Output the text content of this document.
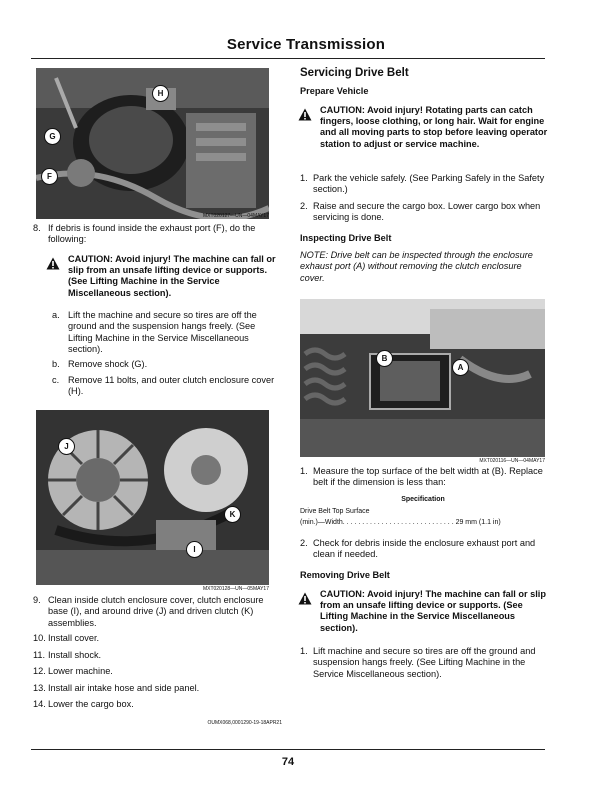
Service Transmission
H
G
F
MXT020127—UN—04MAY17
8. If debris is found inside the exhaust port (F), do the following:
CAUTION: Avoid injury! The machine can fall or slip from an unsafe lifting device or supports. (See Lifting Machine in the Service Miscellaneous section).
a. Lift the machine and secure so tires are off the ground and the suspension hangs freely. (See Lifting Machine in the Service Miscellaneous section).
b. Remove shock (G).
c. Remove 11 bolts, and outer clutch enclosure cover (H).
J
K
I
MXT020128—UN—05MAY17
9. Clean inside clutch enclosure cover, clutch enclosure base (I), and around drive (J) and driven clutch (K) assemblies.
10. Install cover.
11. Install shock.
12. Lower machine.
13. Install air intake hose and side panel.
14. Lower the cargo box.
OUMX068,0001290-19-18APR21
Servicing Drive Belt
Prepare Vehicle
CAUTION: Avoid injury! Rotating parts can catch fingers, loose clothing, or long hair. Wait for engine and all moving parts to stop before leaving operator station to adjust or service machine.
1. Park the vehicle safely. (See Parking Safely in the Safety section.)
2. Raise and secure the cargo box. Lower cargo box when servicing is done.
Inspecting Drive Belt
NOTE: Drive belt can be inspected through the enclosure exhaust port (A) without removing the clutch enclosure cover.
B
A
MXT020116—UN—04MAY17
1. Measure the top surface of the belt width at (B). Replace belt if the dimension is less than:
Specification
Drive Belt Top Surface
(min.)—Width. . . . . . . . . . . . . . . . . . . . . . . . . . . . . 29 mm (1.1 in)
2. Check for debris inside the enclosure exhaust port and clean if needed.
Removing Drive Belt
CAUTION: Avoid injury! The machine can fall or slip from an unsafe lifting device or supports. (See Lifting Machine in the Service Miscellaneous section).
1. Lift machine and secure so tires are off the ground and suspension hangs freely. (See Lifting Machine in the Service Miscellaneous section).
74
